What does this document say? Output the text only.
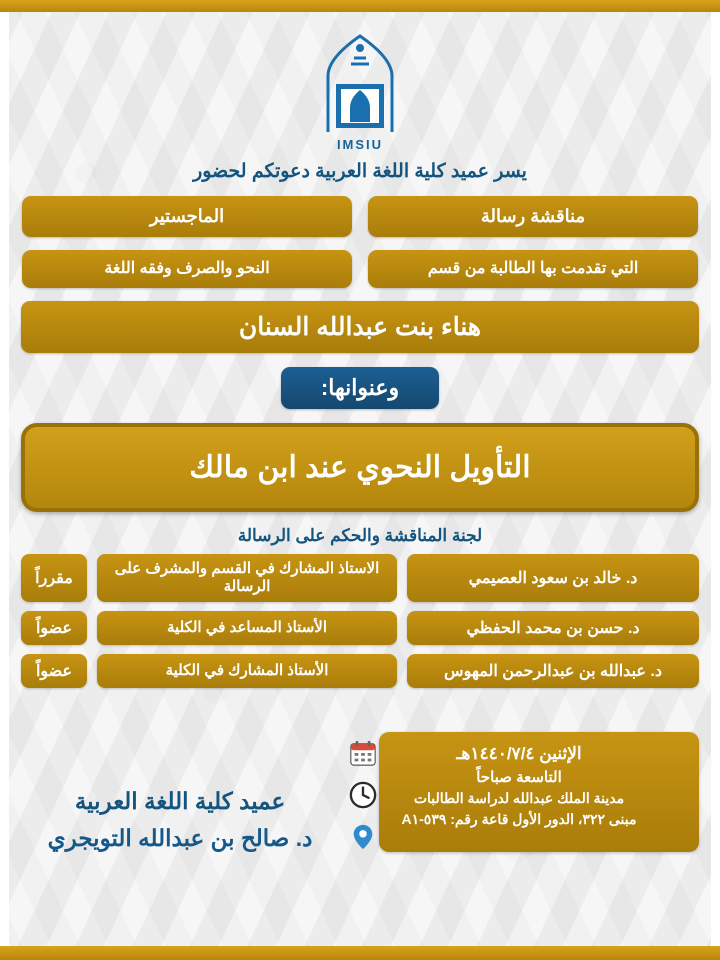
IMSIU
يسر عميد كلية اللغة العربية دعوتكم لحضور
مناقشة رسالة
الماجستير
التي تقدمت بها الطالبة من قسم
النحو والصرف وفقه اللغة
هناء بنت عبدالله السنان
وعنوانها:
التأويل النحوي عند ابن مالك
لجنة المناقشة والحكم على الرسالة
د. خالد بن سعود العصيمي
الاستاذ المشارك في القسم والمشرف على الرسالة
مقرراً
د. حسن بن محمد الحفظي
الأستاذ المساعد في الكلية
عضواً
د. عبدالله بن عبدالرحمن المهوس
الأستاذ المشارك في الكلية
عضواً
الإثنين ١٤٤٠/٧/٤هـ
التاسعة صباحاً
مدينة الملك عبدالله لدراسة الطالبات
مبنى ٣٢٢، الدور الأول قاعة رقم: ٥٣٩-A١
عميد كلية اللغة العربية
د. صالح بن عبدالله التويجري
